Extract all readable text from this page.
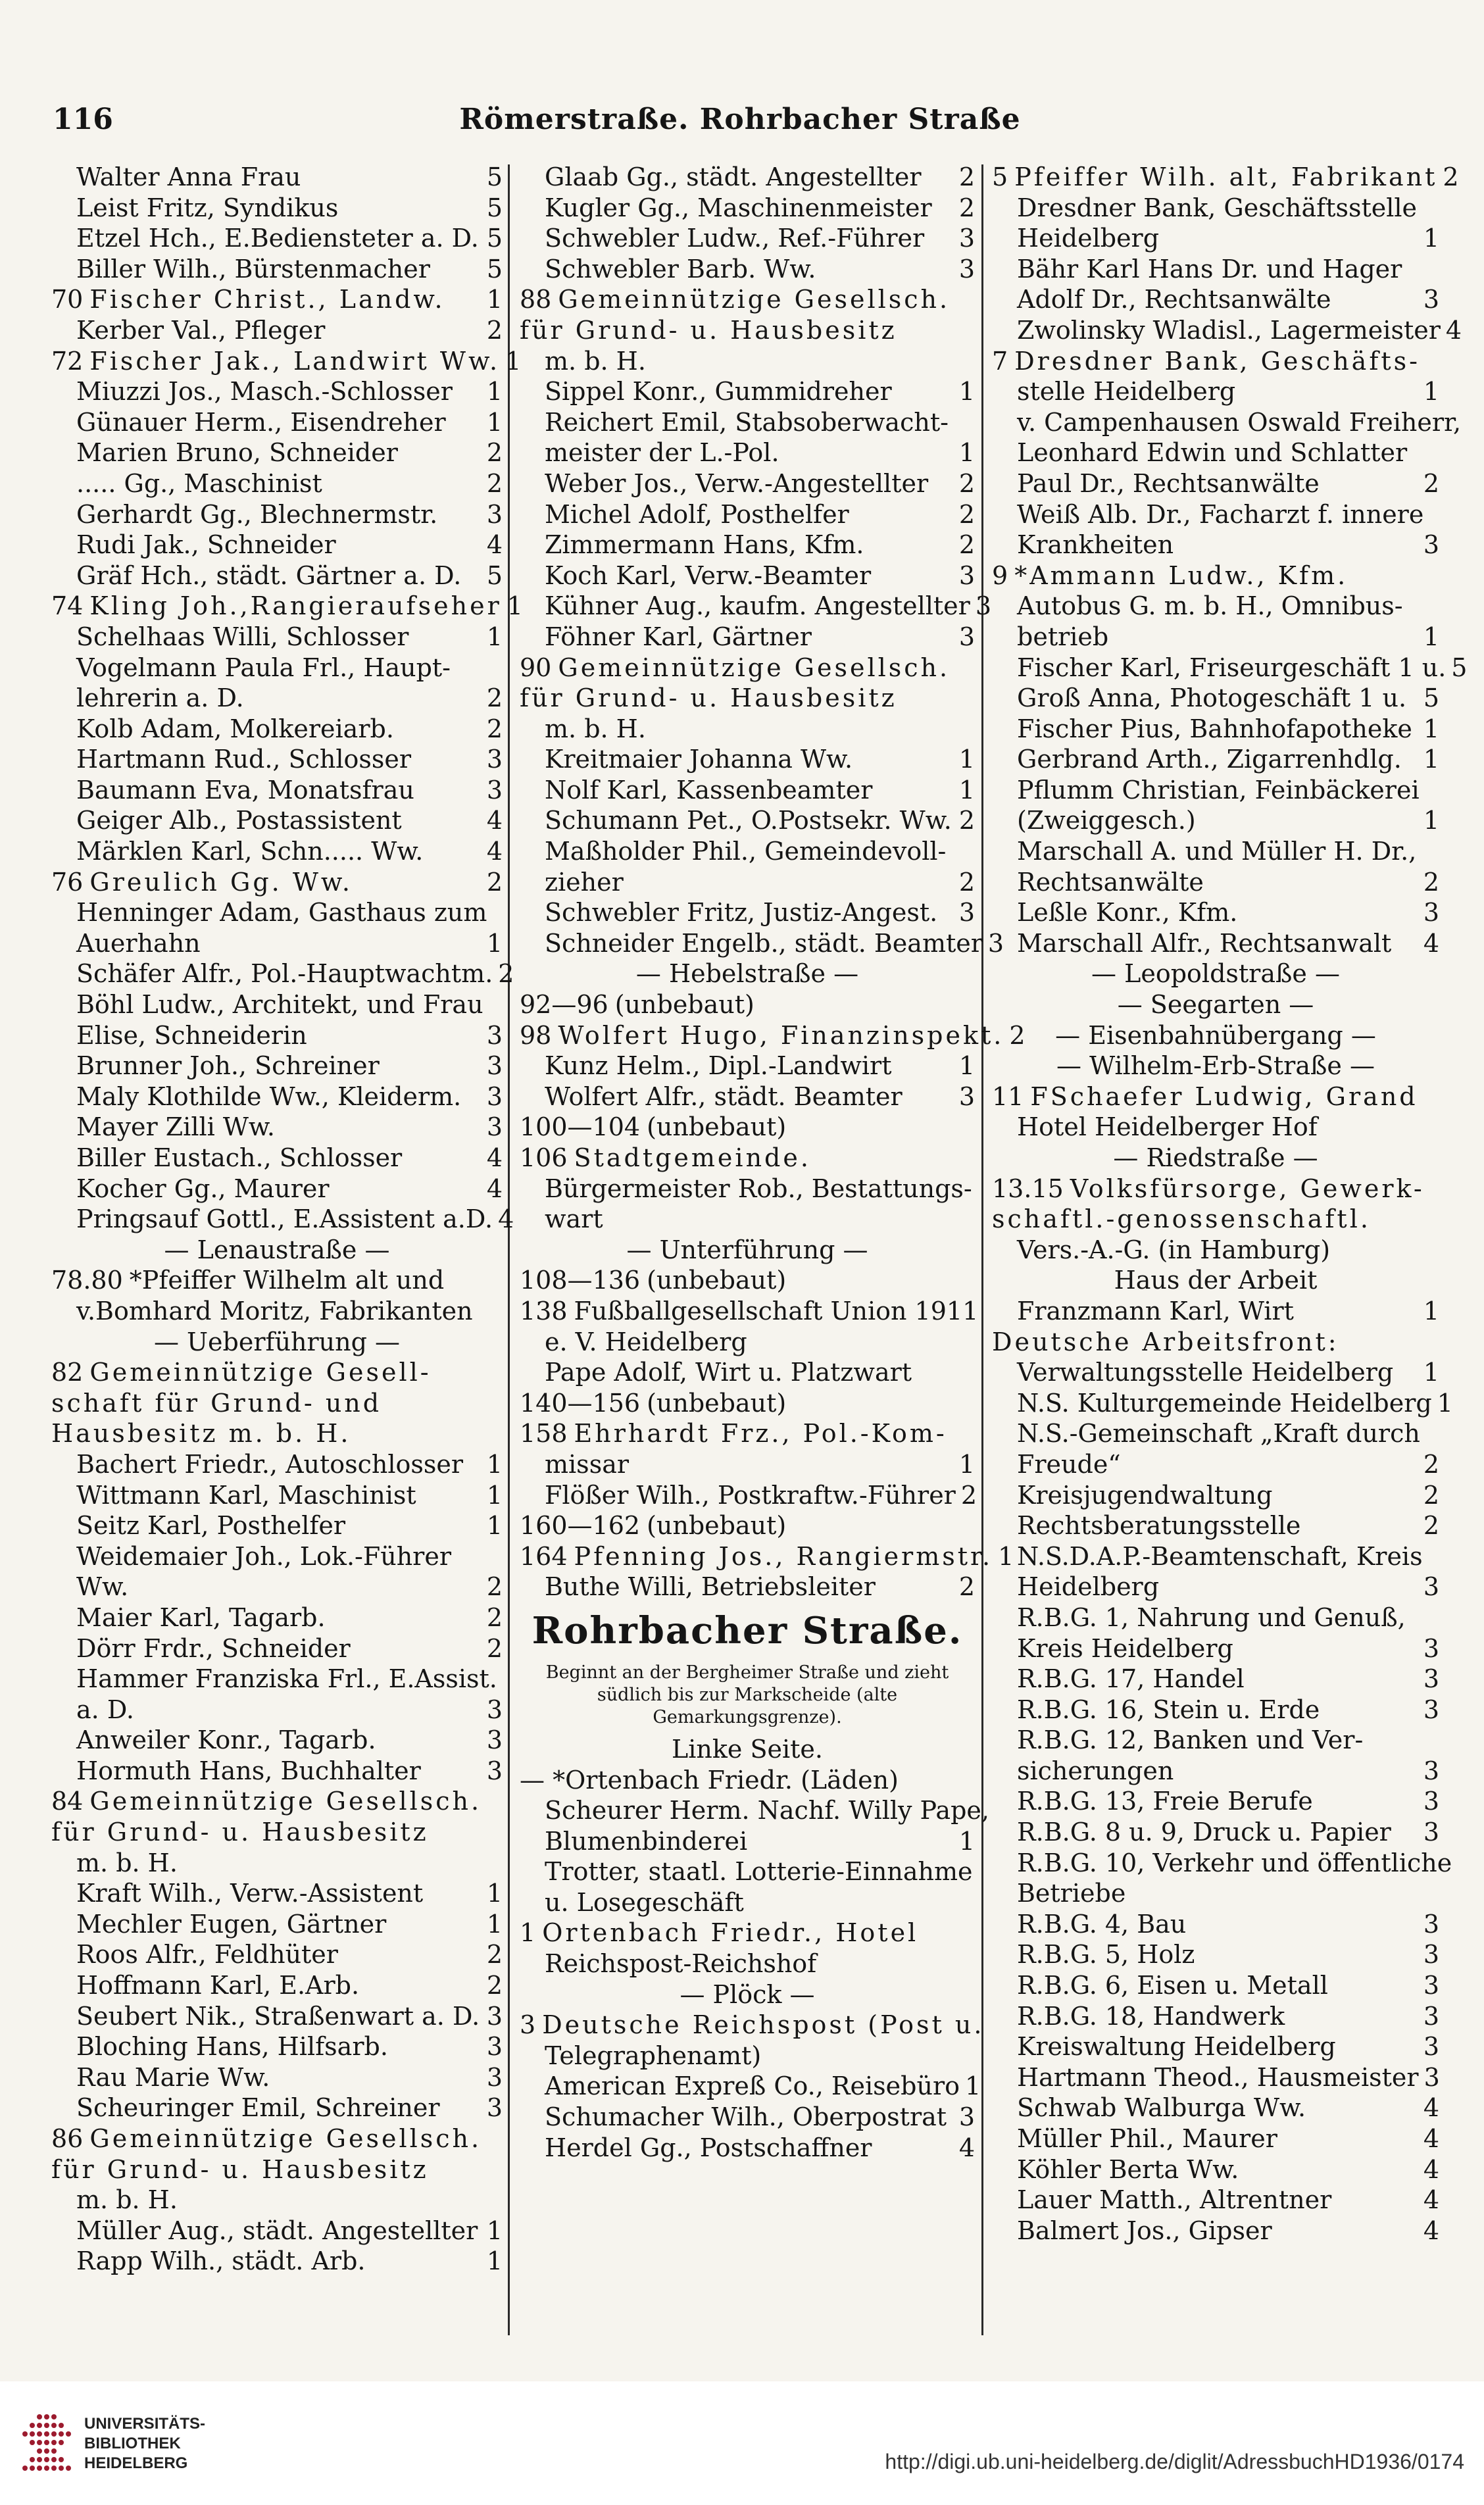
116	Römerstraße. Rohrbacher Straße
Walter Anna Frau	5
Leist Fritz, Syndikus	5
Etzel Hch., E.Bediensteter a. D. 5
Biller Wilh., Bürstenmacher	5
70 Fischer Christ., Landw.	1
Kerber Val., Pfleger	2
72 Fischer Jak., Landwirt Ww. 1
Miuzzi Jos., Masch.-Schlosser	1
Günauer Herm., Eisendreher	1
Marien Bruno, Schneider	2
..... Gg., Maschinist	2
Gerhardt Gg., Blechnermstr.	3
Rudi Jak., Schneider	4
Gräf Hch., städt. Gärtner a. D.	5
74 Kling Joh.,Rangieraufseher 1
Schelhaas Willi, Schlosser	1
Vogelmann Paula Frl., Haupt-
lehrerin a. D.	2
Kolb Adam, Molkereiarb.	2
Hartmann Rud., Schlosser	3
Baumann Eva, Monatsfrau	3
Geiger Alb., Postassistent	4
Märklen Karl, Schn..... Ww.	4
76 Greulich Gg. Ww.	2
Henninger Adam, Gasthaus zum
Auerhahn	1
Schäfer Alfr., Pol.-Hauptwachtm. 2
Böhl Ludw., Architekt, und Frau
Elise, Schneiderin	3
Brunner Joh., Schreiner	3
Maly Klothilde Ww., Kleiderm.	3
Mayer Zilli Ww.	3
Biller Eustach., Schlosser	4
Kocher Gg., Maurer	4
Pringsauf Gottl., E.Assistent a.D. 4
— Lenaustraße —
78.80 *Pfeiffer Wilhelm alt und
v.Bomhard Moritz, Fabrikanten
— Ueberführung —
82 Gemeinnützige Gesell-
schaft für Grund- und
Hausbesitz m. b. H.
Bachert Friedr., Autoschlosser 1
Wittmann Karl, Maschinist	1
Seitz Karl, Posthelfer	1
Weidemaier Joh., Lok.-Führer
Ww.	2
Maier Karl, Tagarb.	2
Dörr Frdr., Schneider	2
Hammer Franziska Frl., E.Assist.
a. D.	3
Anweiler Konr., Tagarb.	3
Hormuth Hans, Buchhalter	3
84 Gemeinnützige Gesellsch.
für Grund- u. Hausbesitz
m. b. H.
Kraft Wilh., Verw.-Assistent	1
Mechler Eugen, Gärtner	1
Roos Alfr., Feldhüter	2
Hoffmann Karl, E.Arb.	2
Seubert Nik., Straßenwart a. D. 3
Bloching Hans, Hilfsarb.	3
Rau Marie Ww.	3
Scheuringer Emil, Schreiner	3
86 Gemeinnützige Gesellsch.
für Grund- u. Hausbesitz
m. b. H.
Müller Aug., städt. Angestellter 1
Rapp Wilh., städt. Arb.	1
Glaab Gg., städt. Angestellter	2
Kugler Gg., Maschinenmeister	2
Schwebler Ludw., Ref.-Führer	3
Schwebler Barb. Ww.	3
88 Gemeinnützige Gesellsch.
für Grund- u. Hausbesitz
m. b. H.
Sippel Konr., Gummidreher	1
Reichert Emil, Stabsoberwacht-
meister der L.-Pol.	1
Weber Jos., Verw.-Angestellter	2
Michel Adolf, Posthelfer	2
Zimmermann Hans, Kfm.	2
Koch Karl, Verw.-Beamter	3
Kühner Aug., kaufm. Angestellter 3
Föhner Karl, Gärtner	3
90 Gemeinnützige Gesellsch.
für Grund- u. Hausbesitz
m. b. H.
Kreitmaier Johanna Ww.	1
Nolf Karl, Kassenbeamter	1
Schumann Pet., O.Postsekr. Ww. 2
Maßholder Phil., Gemeindevoll-
zieher	2
Schwebler Fritz, Justiz-Angest. 3
Schneider Engelb., städt. Beamter 3
— Hebelstraße —
92—96 (unbebaut)
98 Wolfert Hugo, Finanzinspekt. 2
Kunz Helm., Dipl.-Landwirt	1
Wolfert Alfr., städt. Beamter	3
100—104 (unbebaut)
106 Stadtgemeinde.
Bürgermeister Rob., Bestattungs-
wart
— Unterführung —
108—136 (unbebaut)
138 Fußballgesellschaft Union 1911
e. V. Heidelberg
Pape Adolf, Wirt u. Platzwart
140—156 (unbebaut)
158 Ehrhardt Frz., Pol.-Kom-
missar	1
Flößer Wilh., Postkraftw.-Führer 2
160—162 (unbebaut)
164 Pfenning Jos., Rangiermstr. 1
Buthe Willi, Betriebsleiter	2
Rohrbacher Straße.
Beginnt an der Bergheimer Straße und zieht südlich bis zur Markscheide (alte Gemarkungsgrenze).
Linke Seite.
— *Ortenbach Friedr. (Läden)
Scheurer Herm. Nachf. Willy Pape,
Blumenbinderei	1
Trotter, staatl. Lotterie-Einnahme
u. Losegeschäft
1 Ortenbach Friedr., Hotel
Reichspost-Reichshof
— Plöck —
3 Deutsche Reichspost (Post u.
Telegraphenamt)
American Expreß Co., Reisebüro 1
Schumacher Wilh., Oberpostrat 3
Herdel Gg., Postschaffner	4
5 Pfeiffer Wilh. alt, Fabrikant 2
Dresdner Bank, Geschäftsstelle
Heidelberg	1
Bähr Karl Hans Dr. und Hager
Adolf Dr., Rechtsanwälte	3
Zwolinsky Wladisl., Lagermeister 4
7 Dresdner Bank, Geschäfts-
stelle Heidelberg	1
v. Campenhausen Oswald Freiherr,
Leonhard Edwin und Schlatter
Paul Dr., Rechtsanwälte	2
Weiß Alb. Dr., Facharzt f. innere
Krankheiten	3
9 *Ammann Ludw., Kfm.
Autobus G. m. b. H., Omnibus-
betrieb	1
Fischer Karl, Friseurgeschäft 1 u. 5
Groß Anna, Photogeschäft 1 u. 5
Fischer Pius, Bahnhofapotheke 1
Gerbrand Arth., Zigarrenhdlg. 1
Pflumm Christian, Feinbäckerei
(Zweiggesch.)	1
Marschall A. und Müller H. Dr.,
Rechtsanwälte	2
Leßle Konr., Kfm.	3
Marschall Alfr., Rechtsanwalt	4
— Leopoldstraße —
— Seegarten —
— Eisenbahnübergang —
— Wilhelm-Erb-Straße —
11 FSchaefer Ludwig, Grand
Hotel Heidelberger Hof
— Riedstraße —
13.15 Volksfürsorge, Gewerk-
schaftl.-genossenschaftl.
Vers.-A.-G. (in Hamburg)
Haus der Arbeit
Franzmann Karl, Wirt	1
Deutsche Arbeitsfront:
Verwaltungsstelle Heidelberg	1
N.S. Kulturgemeinde Heidelberg 1
N.S.-Gemeinschaft „Kraft durch
Freude“	2
Kreisjugendwaltung	2
Rechtsberatungsstelle	2
N.S.D.A.P.-Beamtenschaft, Kreis
Heidelberg	3
R.B.G. 1, Nahrung und Genuß,
Kreis Heidelberg	3
R.B.G. 17, Handel	3
R.B.G. 16, Stein u. Erde	3
R.B.G. 12, Banken und Ver-
sicherungen	3
R.B.G. 13, Freie Berufe	3
R.B.G. 8 u. 9, Druck u. Papier	3
R.B.G. 10, Verkehr und öffentliche
Betriebe
R.B.G. 4, Bau	3
R.B.G. 5, Holz	3
R.B.G. 6, Eisen u. Metall	3
R.B.G. 18, Handwerk	3
Kreiswaltung Heidelberg	3
Hartmann Theod., Hausmeister 3
Schwab Walburga Ww.	4
Müller Phil., Maurer	4
Köhler Berta Ww.	4
Lauer Matth., Altrentner	4
Balmert Jos., Gipser	4
UNIVERSITÄTS-
BIBLIOTHEK
HEIDELBERG	http://digi.ub.uni-heidelberg.de/diglit/AdressbuchHD1936/0174
